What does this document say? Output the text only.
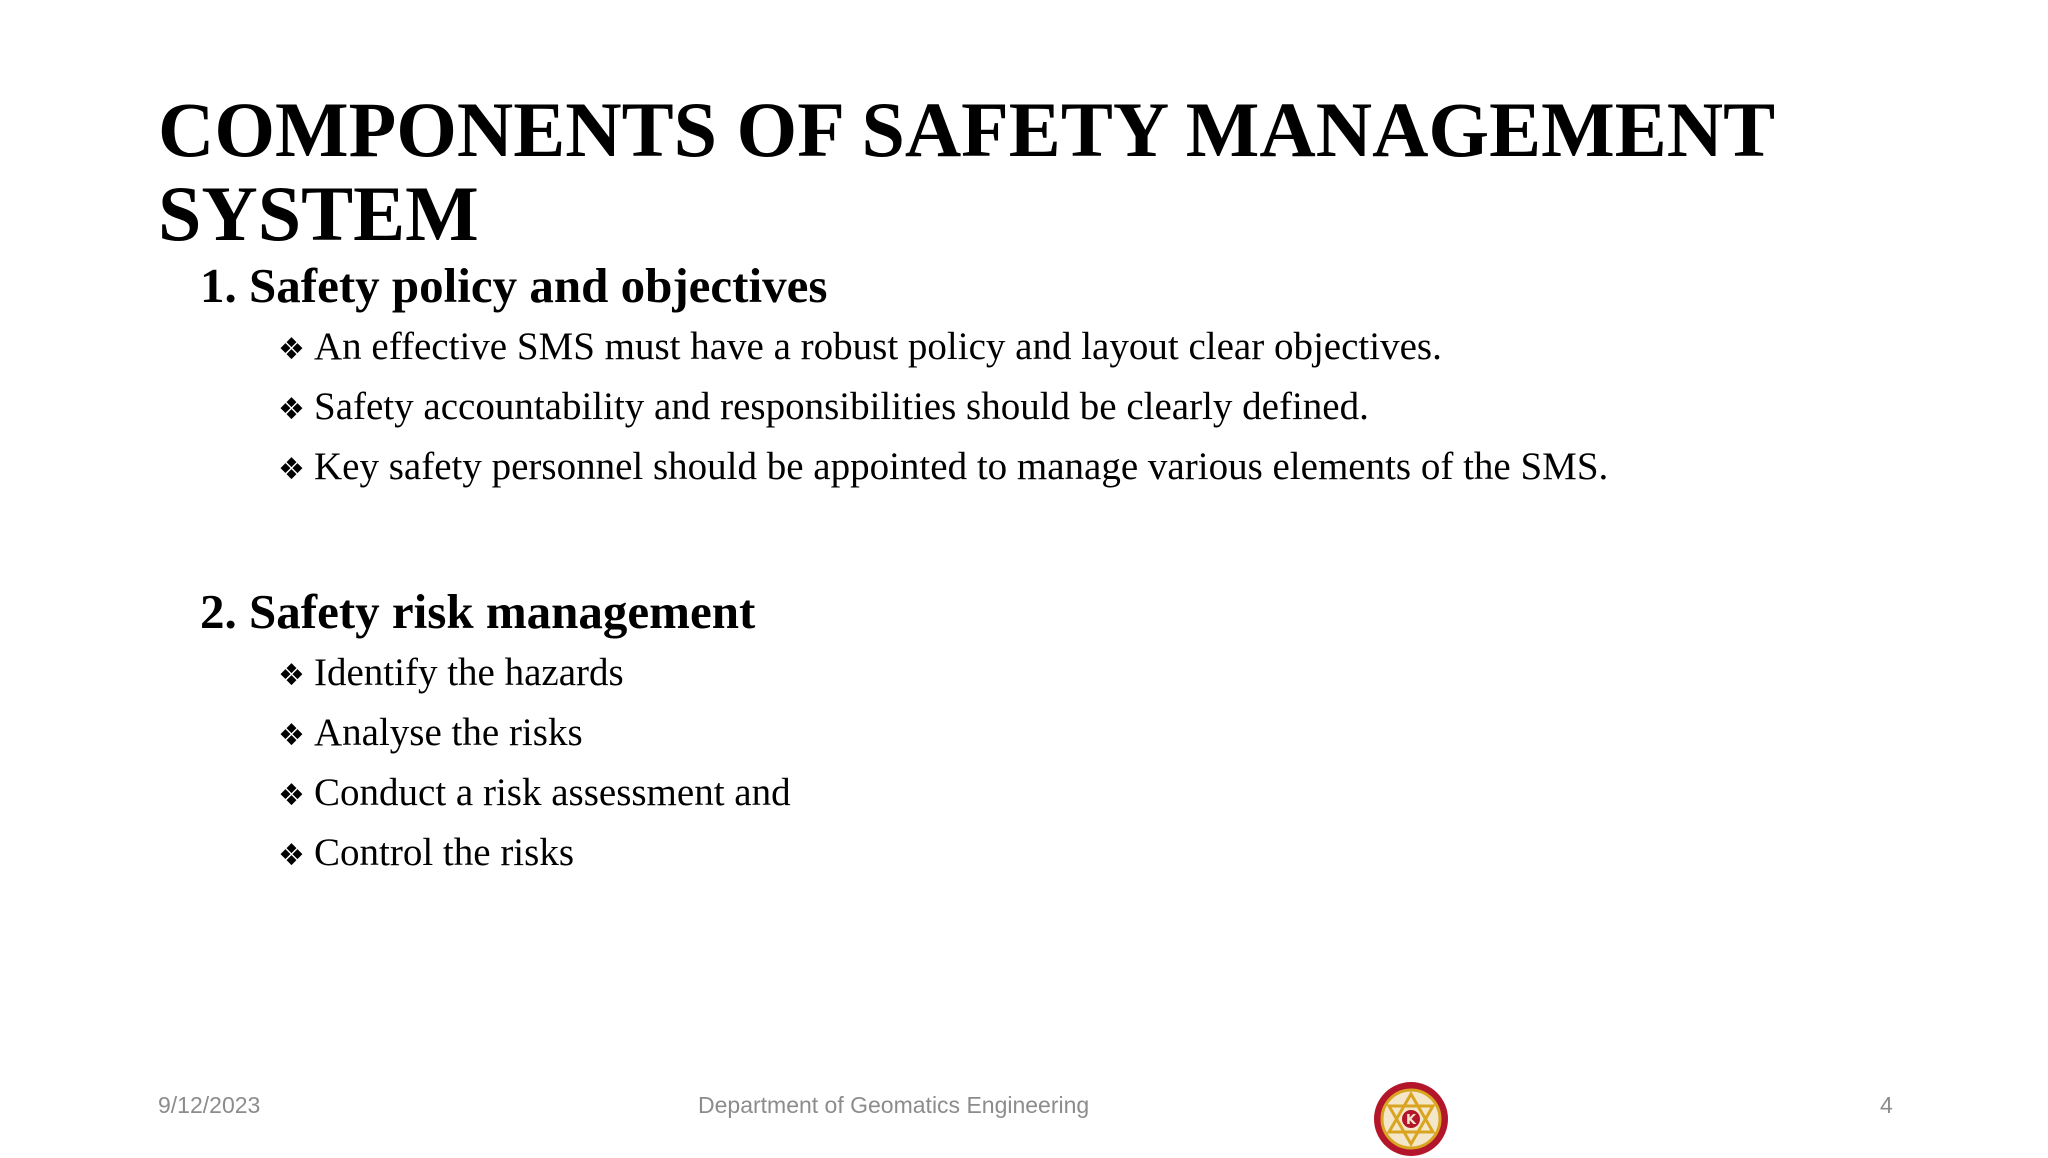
COMPONENTS OF SAFETY MANAGEMENT SYSTEM
1. Safety policy and objectives
❖ An effective SMS must have a robust policy and layout clear objectives.
❖ Safety accountability and responsibilities should be clearly defined.
❖ Key safety personnel should be appointed to manage various elements of the SMS.
2. Safety risk management
❖ Identify the hazards
❖ Analyse the risks
❖ Conduct a risk assessment and
❖ Control the risks
9/12/2023	Department of Geomatics Engineering	4
K
